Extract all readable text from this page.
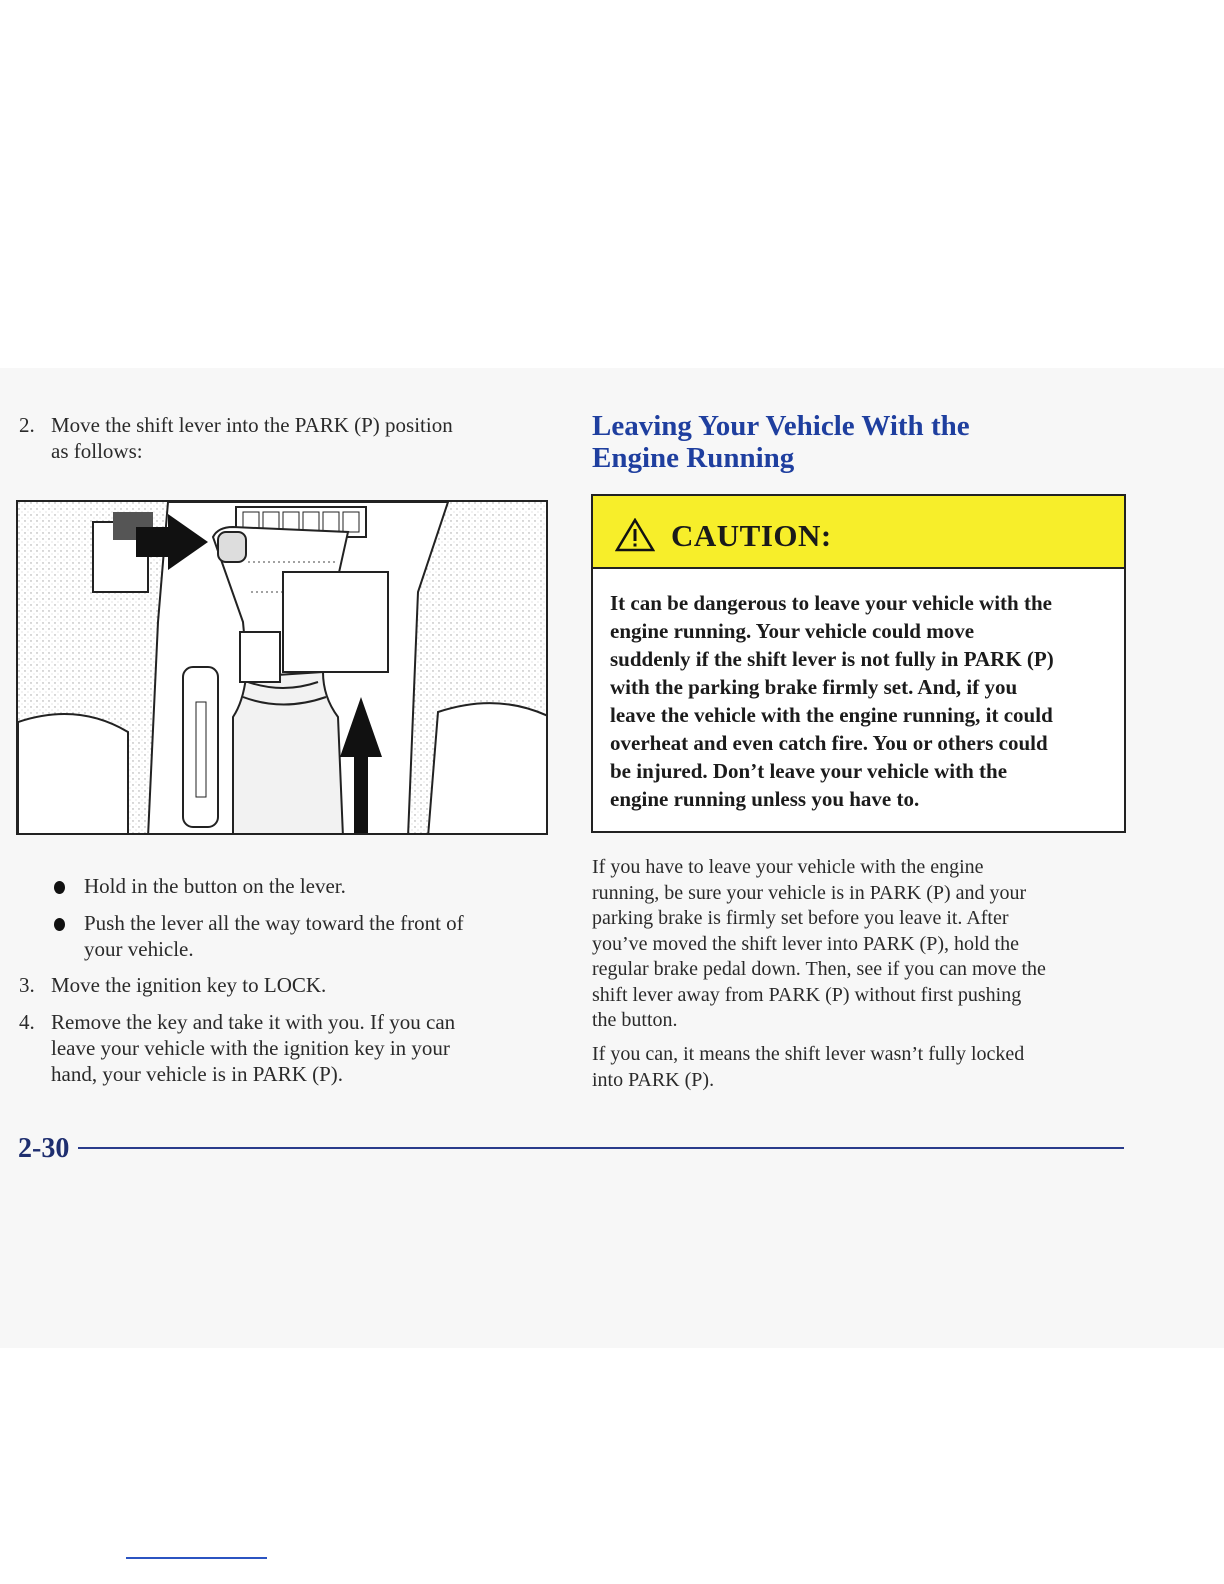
2. Move the shift lever into the PARK (P) position
as follows:
Hold in the button on the lever.
Push the lever all the way toward the front of
your vehicle.
3. Move the ignition key to LOCK.
4. Remove the key and take it with you. If you can
leave your vehicle with the ignition key in your
hand, your vehicle is in PARK (P).
Leaving Your Vehicle With the
Engine Running
CAUTION:
It can be dangerous to leave your vehicle with the
engine running. Your vehicle could move
suddenly if the shift lever is not fully in PARK (P)
with the parking brake firmly set. And, if you
leave the vehicle with the engine running, it could
overheat and even catch fire. You or others could
be injured. Don’t leave your vehicle with the
engine running unless you have to.
If you have to leave your vehicle with the engine
running, be sure your vehicle is in PARK (P) and your
parking brake is firmly set before you leave it. After
you’ve moved the shift lever into PARK (P), hold the
regular brake pedal down. Then, see if you can move the
shift lever away from PARK (P) without first pushing
the button.
If you can, it means the shift lever wasn’t fully locked
into PARK (P).
2-30
